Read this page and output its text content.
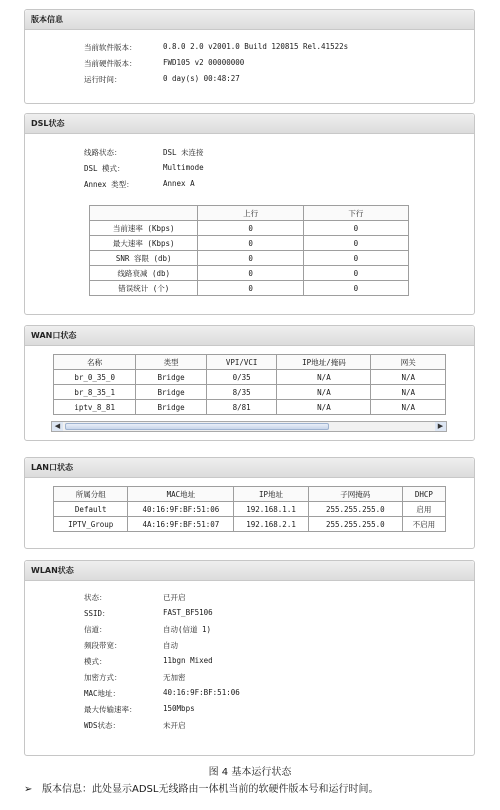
版本信息
当前软件版本：	0.8.0 2.0 v2001.0 Build 120815 Rel.41522s
当前硬件版本：	FWD105 v2 00000000
运行时间：	0 day(s) 00:48:27
DSL状态
线路状态：	DSL 未连接
DSL 模式：	Multimode
Annex 类型：	Annex A
	上行	下行
当前速率 (Kbps)	0	0
最大速率 (Kbps)	0	0
SNR 容限 (db)	0	0
线路衰减 (db)	0	0
错误统计 (个)	0	0
WAN口状态
名称	类型	VPI/VCI	IP地址/掩码	网关
br_0_35_0	Bridge	0/35	N/A	N/A
br_8_35_1	Bridge	8/35	N/A	N/A
iptv_8_81	Bridge	8/81	N/A	N/A
◀	▶
LAN口状态
所属分组	MAC地址	IP地址	子网掩码	DHCP
Default	40:16:9F:BF:51:06	192.168.1.1	255.255.255.0	启用
IPTV_Group	4A:16:9F:BF:51:07	192.168.2.1	255.255.255.0	不启用
WLAN状态
状态：	已开启
SSID：	FAST_BF5106
信道：	自动(信道 1)
频段带宽：	自动
模式：	11bgn Mixed
加密方式：	无加密
MAC地址：	40:16:9F:BF:51:06
最大传输速率：	150Mbps
WDS状态：	未开启
图 4 基本运行状态
➢ 版本信息：此处显示ADSL无线路由一体机当前的软硬件版本号和运行时间。
